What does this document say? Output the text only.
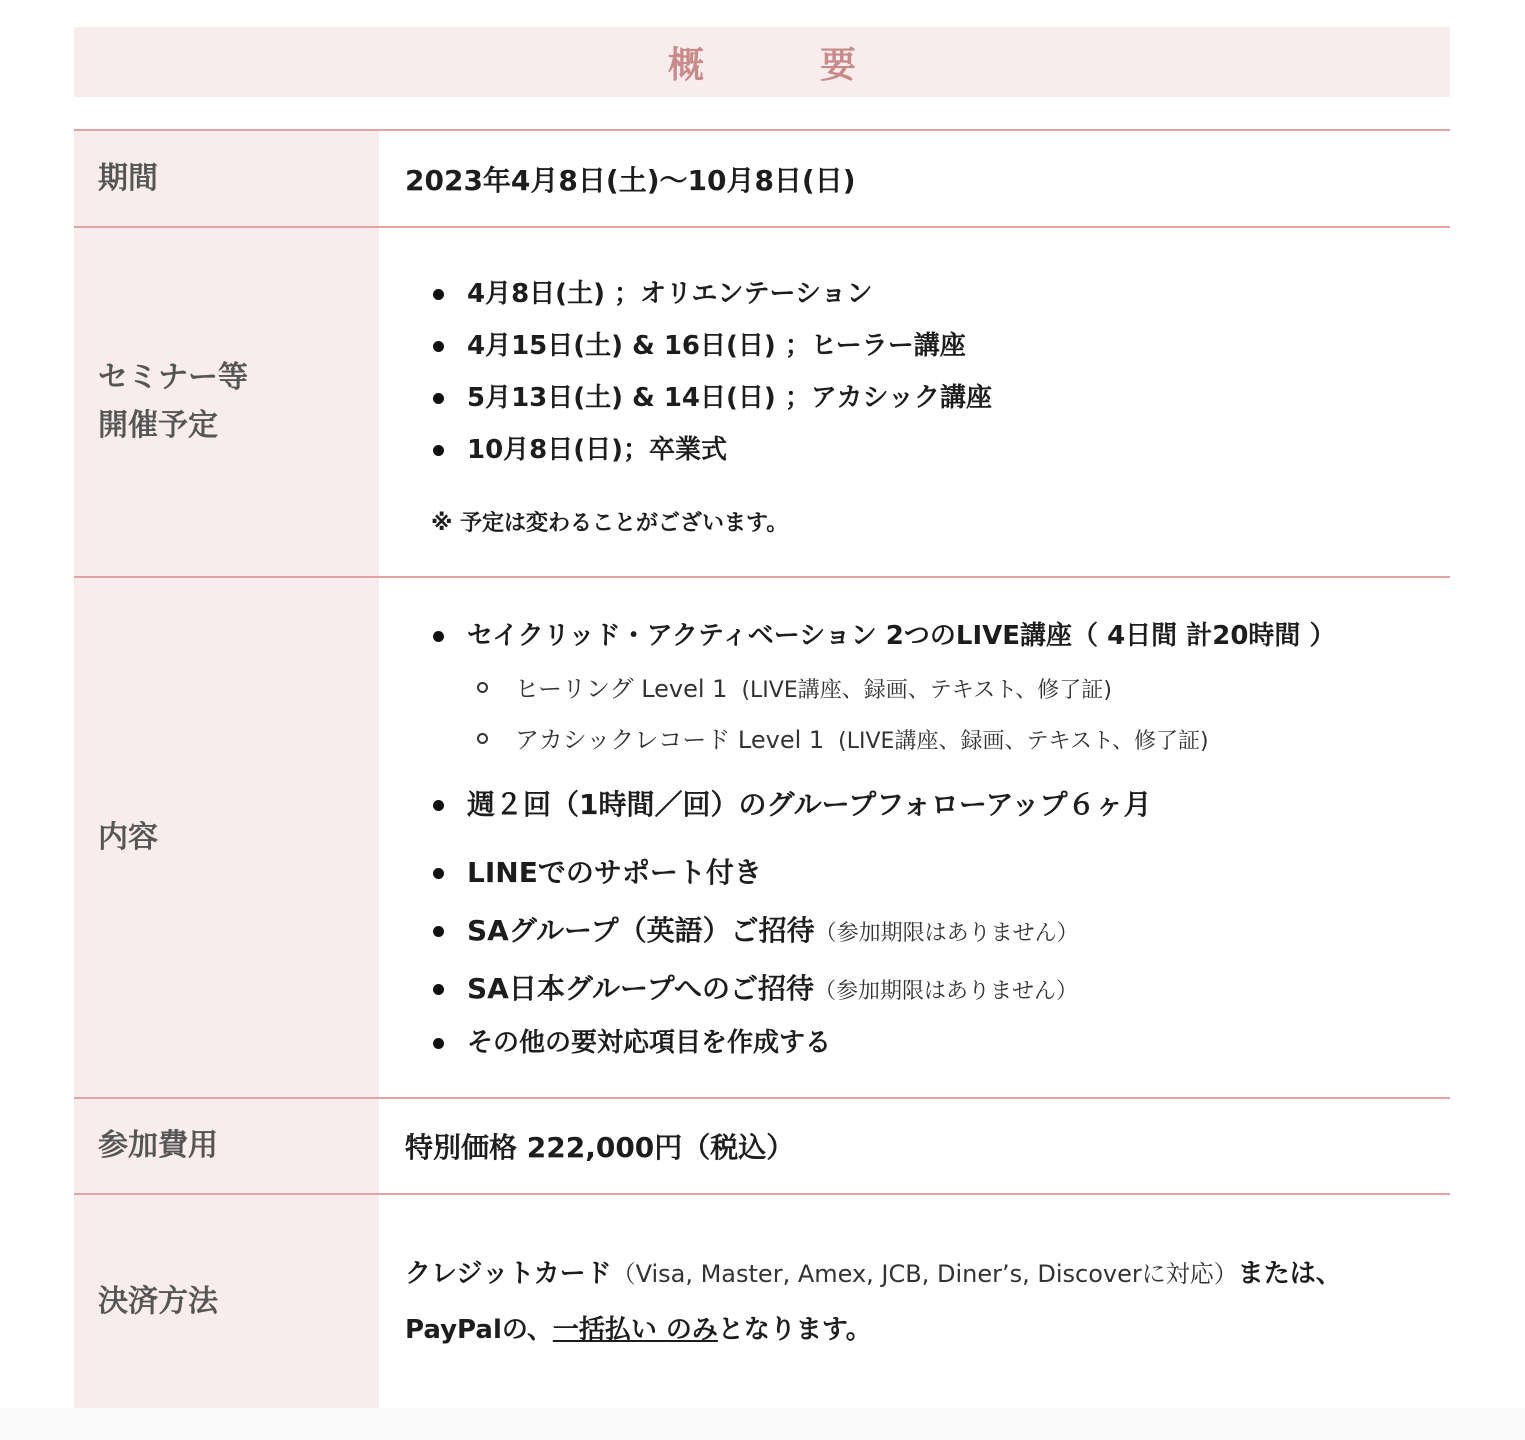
概　要
期間	2023年4月8日(土)〜10月8日(日)
セミナー等
開催予定
4月8日(土) ；オリエンテーション
4月15日(土) & 16日(日) ；ヒーラー講座
5月13日(土) & 14日(日) ；アカシック講座
10月8日(日)；卒業式
※ 予定は変わることがございます。
内容
セイクリッド・アクティベーション 2つのLIVE講座（ 4日間 計20時間 ）
ヒーリング Level 1 (LIVE講座、録画、テキスト、修了証)
アカシックレコード Level 1 (LIVE講座、録画、テキスト、修了証)
週２回（1時間／回）のグループフォローアップ６ヶ月
LINEでのサポート付き
SAグループ（英語）ご招待（参加期限はありません）
SA日本グループへのご招待（参加期限はありません）
その他の要対応項目を作成する
参加費用	特別価格 222,000円（税込）
決済方法
クレジットカード（Visa, Master, Amex, JCB, Diner’s, Discoverに対応）または、
PayPalの、一括払い のみとなります。
